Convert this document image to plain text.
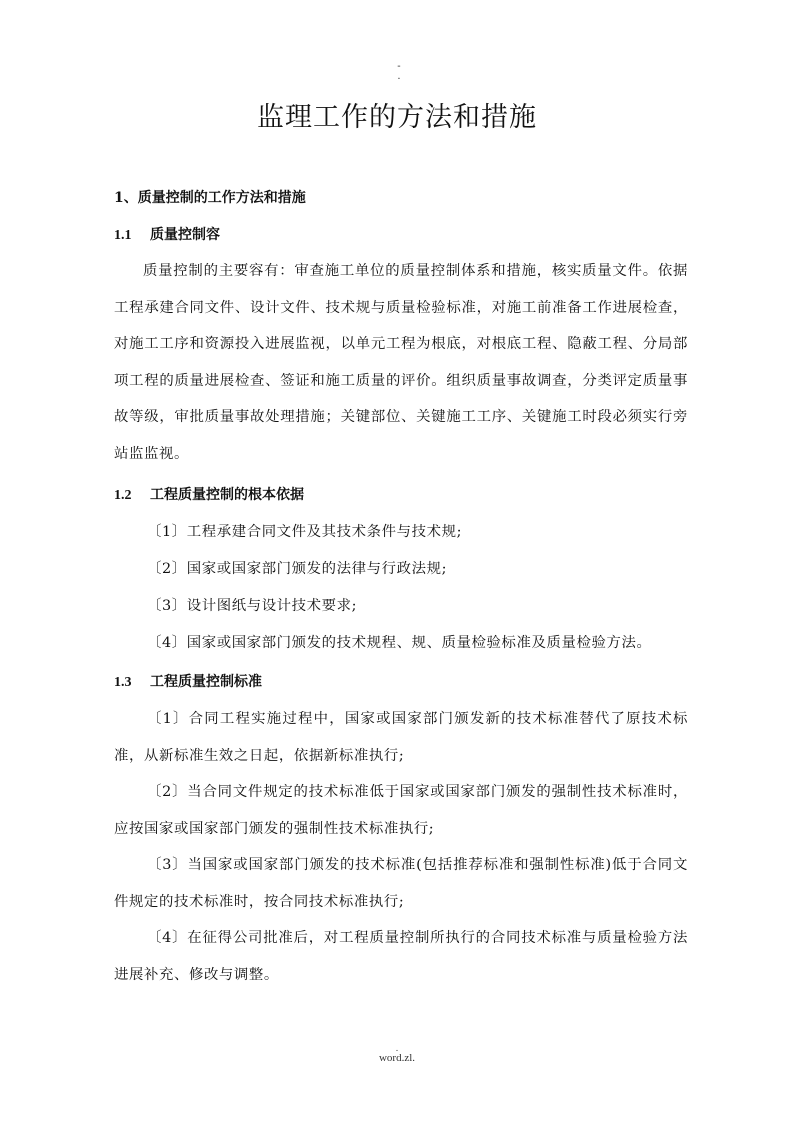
-
.
监理工作的方法和措施
1、质量控制的工作方法和措施
1.1 质量控制容
质量控制的主要容有：审查施工单位的质量控制体系和措施，核实质量文件。依据工程承建合同文件、设计文件、技术规与质量检验标准，对施工前准备工作进展检查，对施工工序和资源投入进展监视，以单元工程为根底，对根底工程、隐蔽工程、分局部项工程的质量进展检查、签证和施工质量的评价。组织质量事故调查，分类评定质量事故等级，审批质量事故处理措施；关键部位、关键施工工序、关键施工时段必须实行旁站监监视。
1.2 工程质量控制的根本依据
〔1〕工程承建合同文件及其技术条件与技术规;
〔2〕国家或国家部门颁发的法律与行政法规;
〔3〕设计图纸与设计技术要求;
〔4〕国家或国家部门颁发的技术规程、规、质量检验标准及质量检验方法。
1.3 工程质量控制标准
〔1〕合同工程实施过程中，国家或国家部门颁发新的技术标准替代了原技术标准，从新标准生效之日起，依据新标准执行;
〔2〕当合同文件规定的技术标准低于国家或国家部门颁发的强制性技术标准时，应按国家或国家部门颁发的强制性技术标准执行;
〔3〕当国家或国家部门颁发的技术标准(包括推荐标准和强制性标准)低于合同文件规定的技术标准时，按合同技术标准执行;
〔4〕在征得公司批准后，对工程质量控制所执行的合同技术标准与质量检验方法进展补充、修改与调整。
.
word.zl.
